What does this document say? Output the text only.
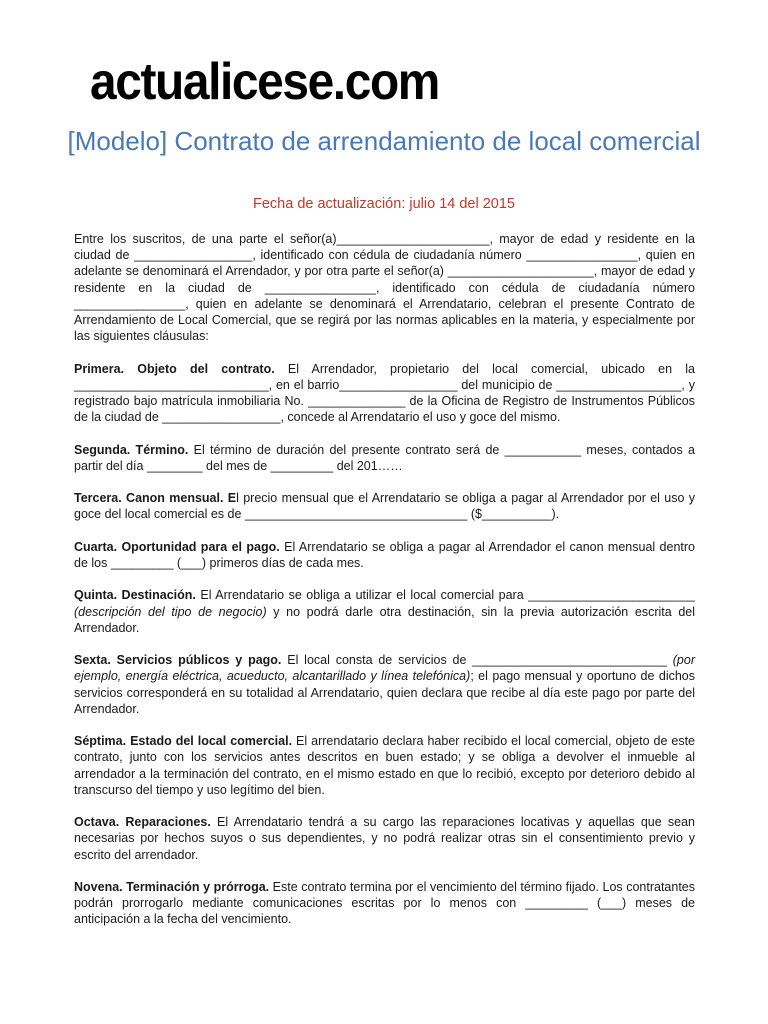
actualicese.com
[Modelo] Contrato de arrendamiento de local comercial

Fecha de actualización: julio 14 del 2015

Entre los suscritos, de una parte el señor(a)______________________, mayor de edad y residente en la ciudad de _________________, identificado con cédula de ciudadanía número ________________, quien en adelante se denominará el Arrendador, y por otra parte el señor(a) _____________________, mayor de edad y residente en la ciudad de ________________, identificado con cédula de ciudadanía número ________________, quien en adelante se denominará el Arrendatario, celebran el presente Contrato de Arrendamiento de Local Comercial, que se regirá por las normas aplicables en la materia, y especialmente por las siguientes cláusulas:

Primera. Objeto del contrato. El Arrendador, propietario del local comercial, ubicado en la ____________________________, en el barrio_________________ del municipio de __________________, y registrado bajo matrícula inmobiliaria No. ______________ de la Oficina de Registro de Instrumentos Públicos de la ciudad de _________________, concede al Arrendatario el uso y goce del mismo.

Segunda. Término. El término de duración del presente contrato será de ___________ meses, contados a partir del día ________ del mes de _________ del 201……

Tercera. Canon mensual. El precio mensual que el Arrendatario se obliga a pagar al Arrendador por el uso y goce del local comercial es de ________________________________ ($__________).

Cuarta. Oportunidad para el pago. El Arrendatario se obliga a pagar al Arrendador el canon mensual dentro de los _________ (___) primeros días de cada mes.

Quinta. Destinación. El Arrendatario se obliga a utilizar el local comercial para ________________________ (descripción del tipo de negocio) y no podrá darle otra destinación, sin la previa autorización escrita del Arrendador.

Sexta. Servicios públicos y pago. El local consta de servicios de ____________________________ (por ejemplo, energía eléctrica, acueducto, alcantarillado y línea telefónica); el pago mensual y oportuno de dichos servicios corresponderá en su totalidad al Arrendatario, quien declara que recibe al día este pago por parte del Arrendador.

Séptima. Estado del local comercial. El arrendatario declara haber recibido el local comercial, objeto de este contrato, junto con los servicios antes descritos en buen estado; y se obliga a devolver el inmueble al arrendador a la terminación del contrato, en el mismo estado en que lo recibió, excepto por deterioro debido al transcurso del tiempo y uso legítimo del bien.

Octava. Reparaciones. El Arrendatario tendrá a su cargo las reparaciones locativas y aquellas que sean necesarias por hechos suyos o sus dependientes, y no podrá realizar otras sin el consentimiento previo y escrito del arrendador.

Novena. Terminación y prórroga. Este contrato termina por el vencimiento del término fijado. Los contratantes podrán prorrogarlo mediante comunicaciones escritas por lo menos con _________ (___) meses de anticipación a la fecha del vencimiento.
